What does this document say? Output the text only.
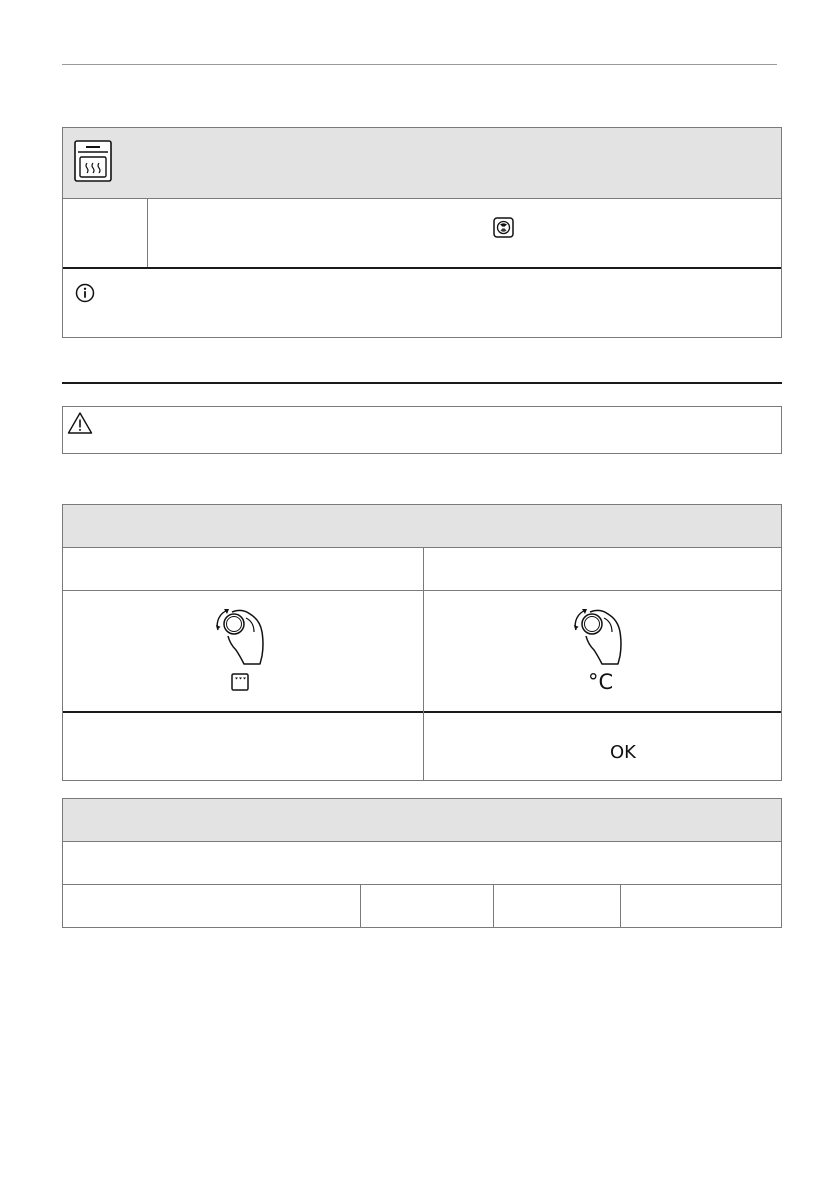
°C
OK
